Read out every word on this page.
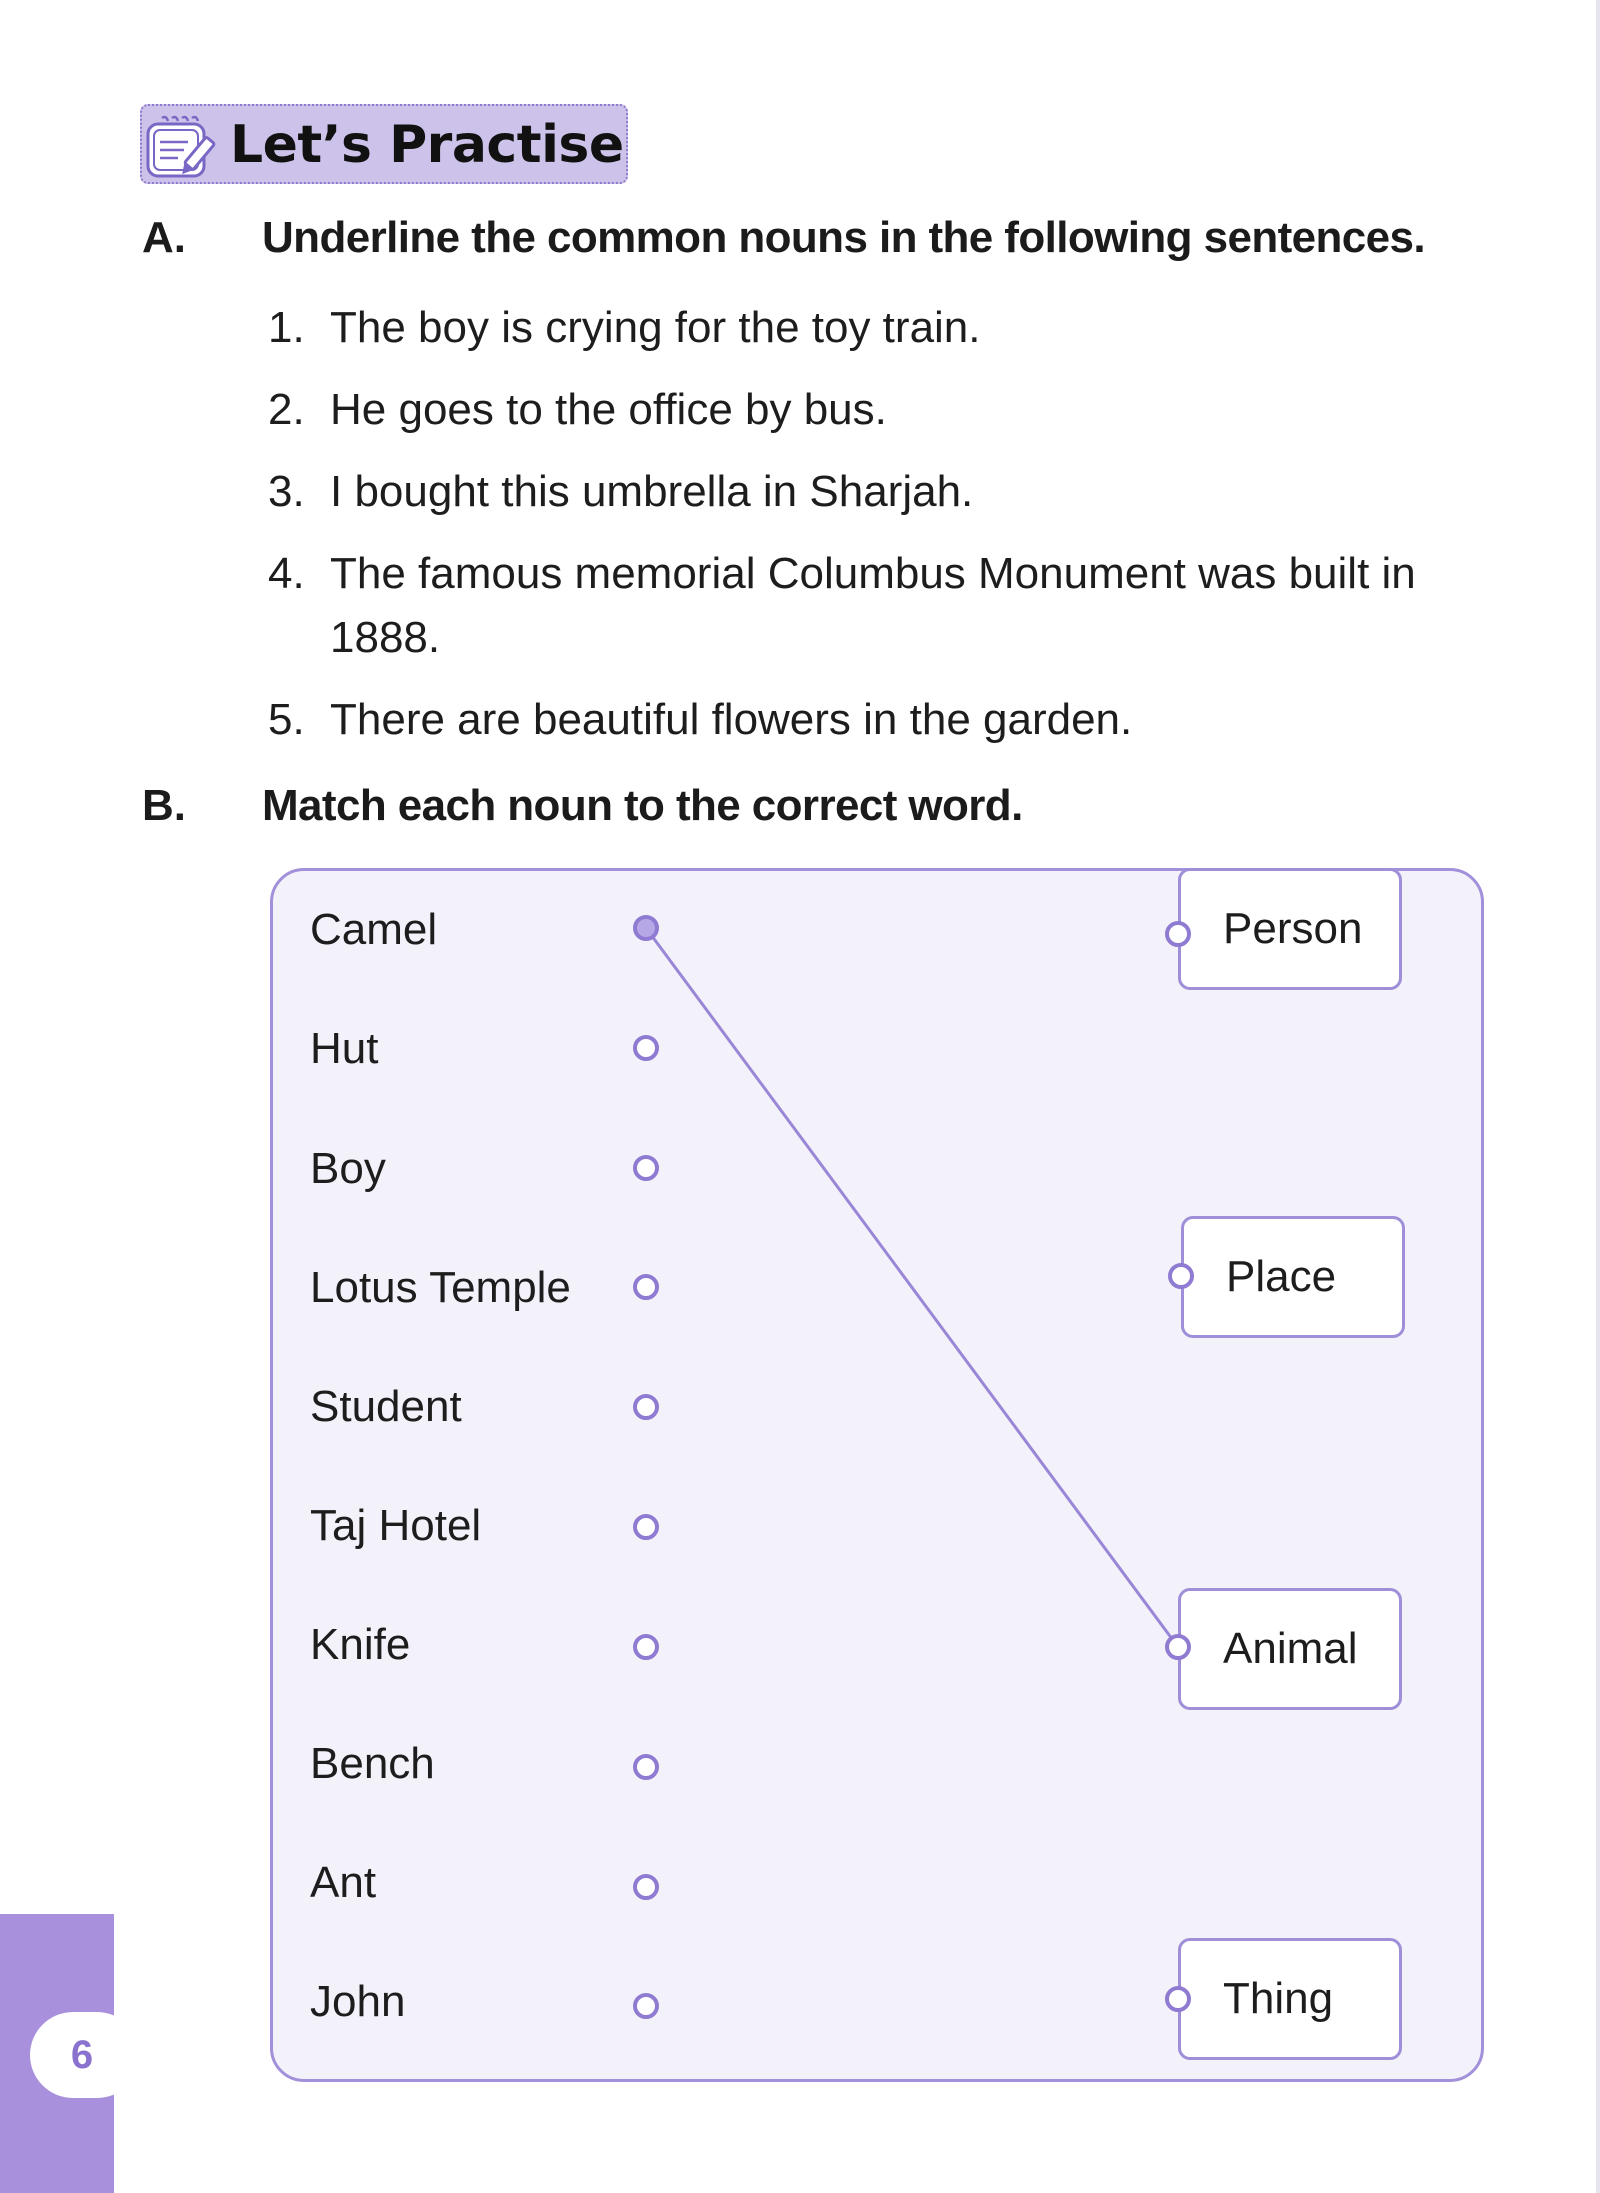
Let’s Practise
A. Underline the common nouns in the following sentences.
1. The boy is crying for the toy train.
2. He goes to the office by bus.
3. I bought this umbrella in Sharjah.
4. The famous memorial Columbus Monument was built in 1888.
5. There are beautiful flowers in the garden.
B. Match each noun to the correct word.
Camel
Hut
Boy
Lotus Temple
Student
Taj Hotel
Knife
Bench
Ant
John
Person
Place
Animal
Thing
6
